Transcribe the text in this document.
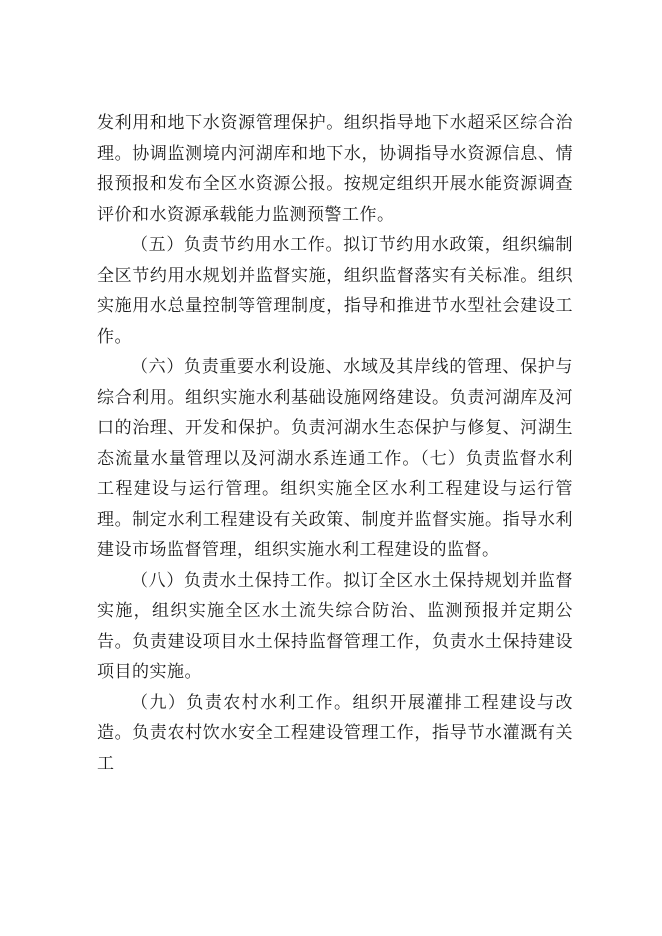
发利用和地下水资源管理保护。组织指导地下水超采区综合治理。协调监测境内河湖库和地下水，协调指导水资源信息、情报预报和发布全区水资源公报。按规定组织开展水能资源调查评价和水资源承载能力监测预警工作。

（五）负责节约用水工作。拟订节约用水政策，组织编制全区节约用水规划并监督实施，组织监督落实有关标准。组织实施用水总量控制等管理制度，指导和推进节水型社会建设工作。

（六）负责重要水利设施、水域及其岸线的管理、保护与综合利用。组织实施水利基础设施网络建设。负责河湖库及河口的治理、开发和保护。负责河湖水生态保护与修复、河湖生态流量水量管理以及河湖水系连通工作。（七）负责监督水利工程建设与运行管理。组织实施全区水利工程建设与运行管理。制定水利工程建设有关政策、制度并监督实施。指导水利建设市场监督管理，组织实施水利工程建设的监督。

（八）负责水土保持工作。拟订全区水土保持规划并监督实施，组织实施全区水土流失综合防治、监测预报并定期公告。负责建设项目水土保持监督管理工作，负责水土保持建设项目的实施。

（九）负责农村水利工作。组织开展灌排工程建设与改造。负责农村饮水安全工程建设管理工作，指导节水灌溉有关工
